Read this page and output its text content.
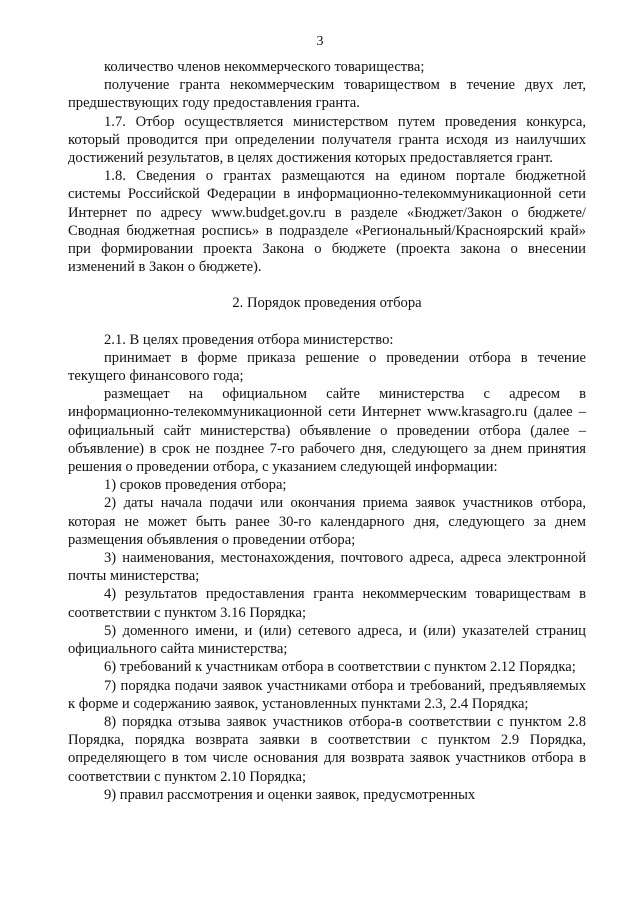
3

количество членов некоммерческого товарищества;

получение гранта некоммерческим товариществом в течение двух лет, предшествующих году предоставления гранта.

1.7. Отбор осуществляется министерством путем проведения конкурса, который проводится при определении получателя гранта исходя из наилучших достижений результатов, в целях достижения которых предоставляется грант.

1.8. Сведения о грантах размещаются на едином портале бюджетной системы Российской Федерации в информационно-телекоммуникационной сети Интернет по адресу www.budget.gov.ru в разделе «Бюджет/Закон о бюджете/Сводная бюджетная роспись» в подразделе «Региональный/Красноярский край» при формировании проекта Закона о бюджете (проекта закона о внесении изменений в Закон о бюджете).

2. Порядок проведения отбора

2.1. В целях проведения отбора министерство:

принимает в форме приказа решение о проведении отбора в течение текущего финансового года;

размещает на официальном сайте министерства с адресом в информационно-телекоммуникационной сети Интернет www.krasagro.ru (далее – официальный сайт министерства) объявление о проведении отбора (далее – объявление) в срок не позднее 7-го рабочего дня, следующего за днем принятия решения о проведении отбора, с указанием следующей информации:

1) сроков проведения отбора;

2) даты начала подачи или окончания приема заявок участников отбора, которая не может быть ранее 30-го календарного дня, следующего за днем размещения объявления о проведении отбора;

3) наименования, местонахождения, почтового адреса, адреса электронной почты министерства;

4) результатов предоставления гранта некоммерческим товариществам в соответствии с пунктом 3.16 Порядка;

5) доменного имени, и (или) сетевого адреса, и (или) указателей страниц официального сайта министерства;

6) требований к участникам отбора в соответствии с пунктом 2.12 Порядка;

7) порядка подачи заявок участниками отбора и требований, предъявляемых к форме и содержанию заявок, установленных пунктами 2.3, 2.4 Порядка;

8) порядка отзыва заявок участников отбора-в соответствии с пунктом 2.8 Порядка, порядка возврата заявки в соответствии с пунктом 2.9 Порядка, определяющего в том числе основания для возврата заявок участников отбора в соответствии с пунктом 2.10 Порядка;

9) правил рассмотрения и оценки заявок, предусмотренных
